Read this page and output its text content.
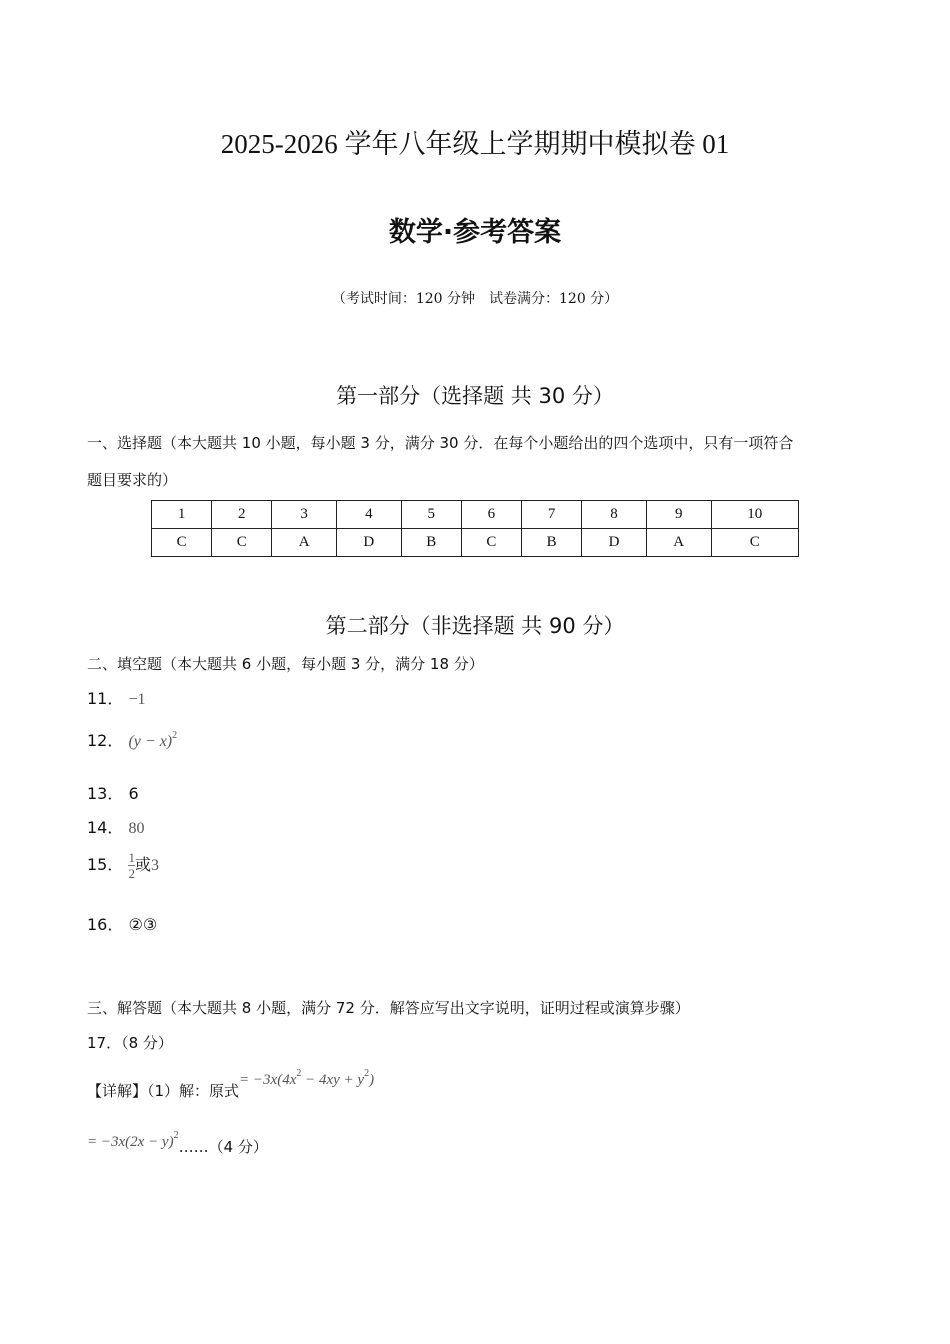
2025-2026 学年八年级上学期期中模拟卷 01
数学·参考答案
（考试时间：120 分钟　试卷满分：120 分）
第一部分（选择题 共 30 分）
一、选择题（本大题共 10 小题，每小题 3 分，满分 30 分．在每个小题给出的四个选项中，只有一项符合
题目要求的）
1	2	3	4	5	6	7	8	9	10
C	C	A	D	B	C	B	D	A	C
第二部分（非选择题 共 90 分）
二、填空题（本大题共 6 小题，每小题 3 分，满分 18 分）
11． −1
12． $(y - x)^2$
13． 6
14． 80
15． $\frac{1}{2}$ 或3
16． ②③
三、解答题（本大题共 8 小题，满分 72 分．解答应写出文字说明，证明过程或演算步骤）
17．（8 分）
【详解】（1）解：原式= $-3x(4x^2 - 4xy + y^2)$
= $-3x(2x - y)^2\dots\dots(4$ 分）
